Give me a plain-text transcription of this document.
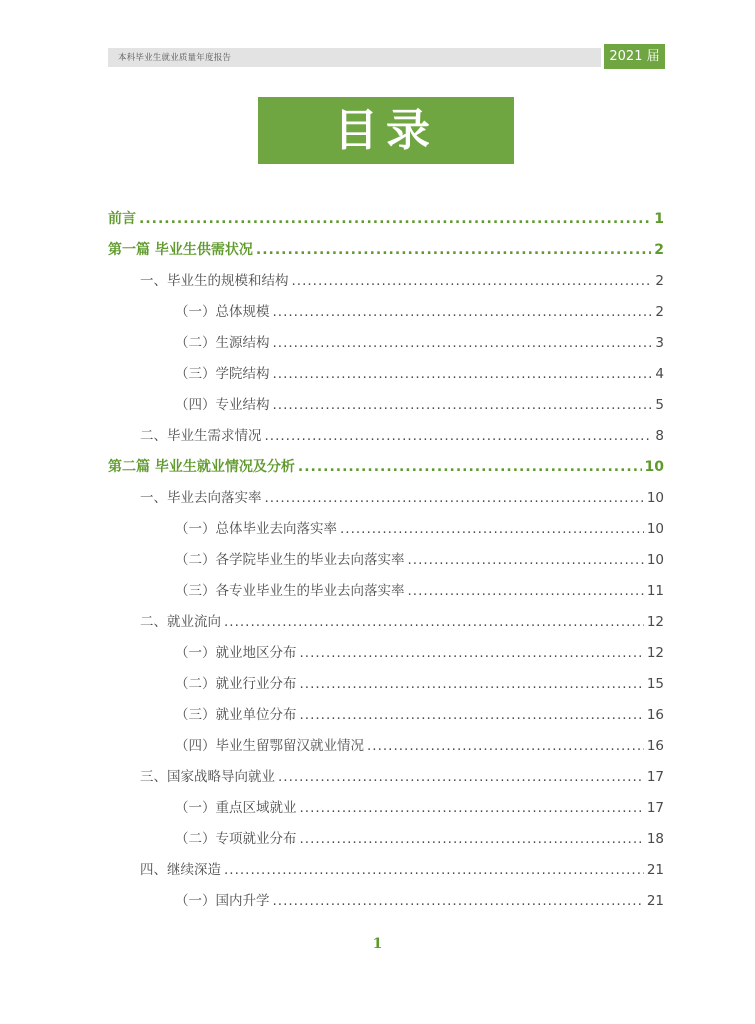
本科毕业生就业质量年度报告	2021 届
目录
前言 .....	1
第一篇 毕业生供需状况 .....	2
一、毕业生的规模和结构 .....	2
（一）总体规模 .....	2
（二）生源结构 .....	3
（三）学院结构 .....	4
（四）专业结构 .....	5
二、毕业生需求情况 .....	8
第二篇 毕业生就业情况及分析 .....	10
一、毕业去向落实率 .....	10
（一）总体毕业去向落实率 .....	10
（二）各学院毕业生的毕业去向落实率 .....	10
（三）各专业毕业生的毕业去向落实率 .....	11
二、就业流向 .....	12
（一）就业地区分布 .....	12
（二）就业行业分布 .....	15
（三）就业单位分布 .....	16
（四）毕业生留鄂留汉就业情况 .....	16
三、国家战略导向就业 .....	17
（一）重点区域就业 .....	17
（二）专项就业分布 .....	18
四、继续深造 .....	21
（一）国内升学 .....	21
1
